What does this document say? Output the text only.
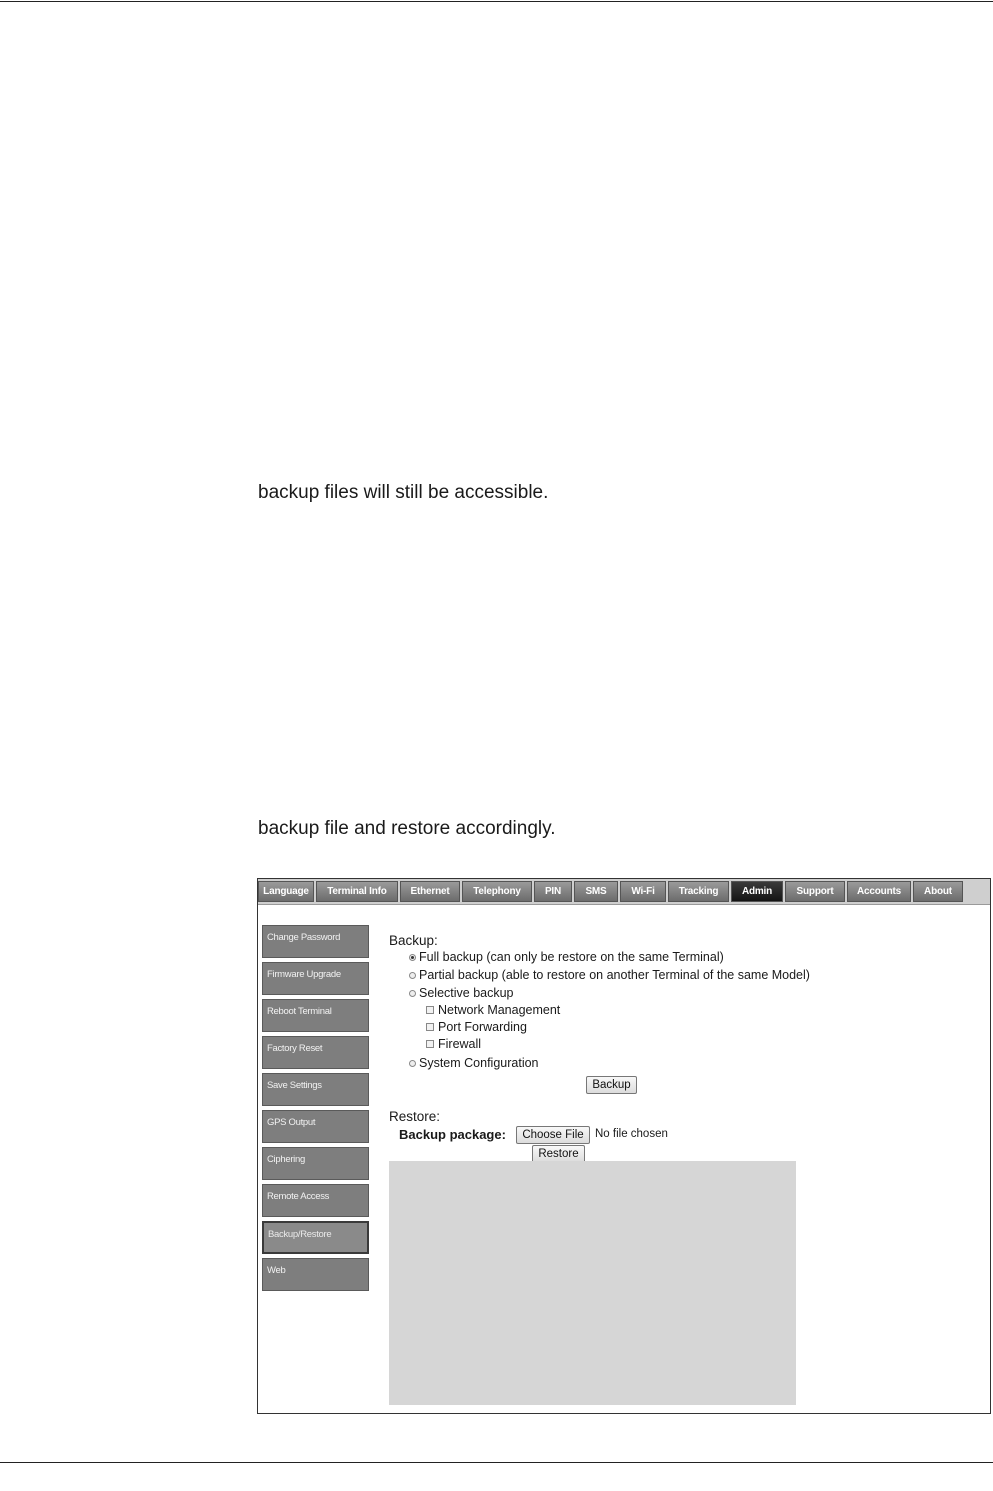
backup files will still be accessible.

backup file and restore accordingly.

Language	Terminal Info	Ethernet	Telephony	PIN	SMS	Wi-Fi	Tracking	Admin	Support	Accounts	About
Change Password
Firmware Upgrade
Reboot Terminal
Factory Reset
Save Settings
GPS Output
Ciphering
Remote Access
Backup/Restore
Web
Backup:
Full backup (can only be restore on the same Terminal)
Partial backup (able to restore on another Terminal of the same Model)
Selective backup
Network Management
Port Forwarding
Firewall
System Configuration
Backup
Restore:
Backup package:	Choose File No file chosen
Restore
